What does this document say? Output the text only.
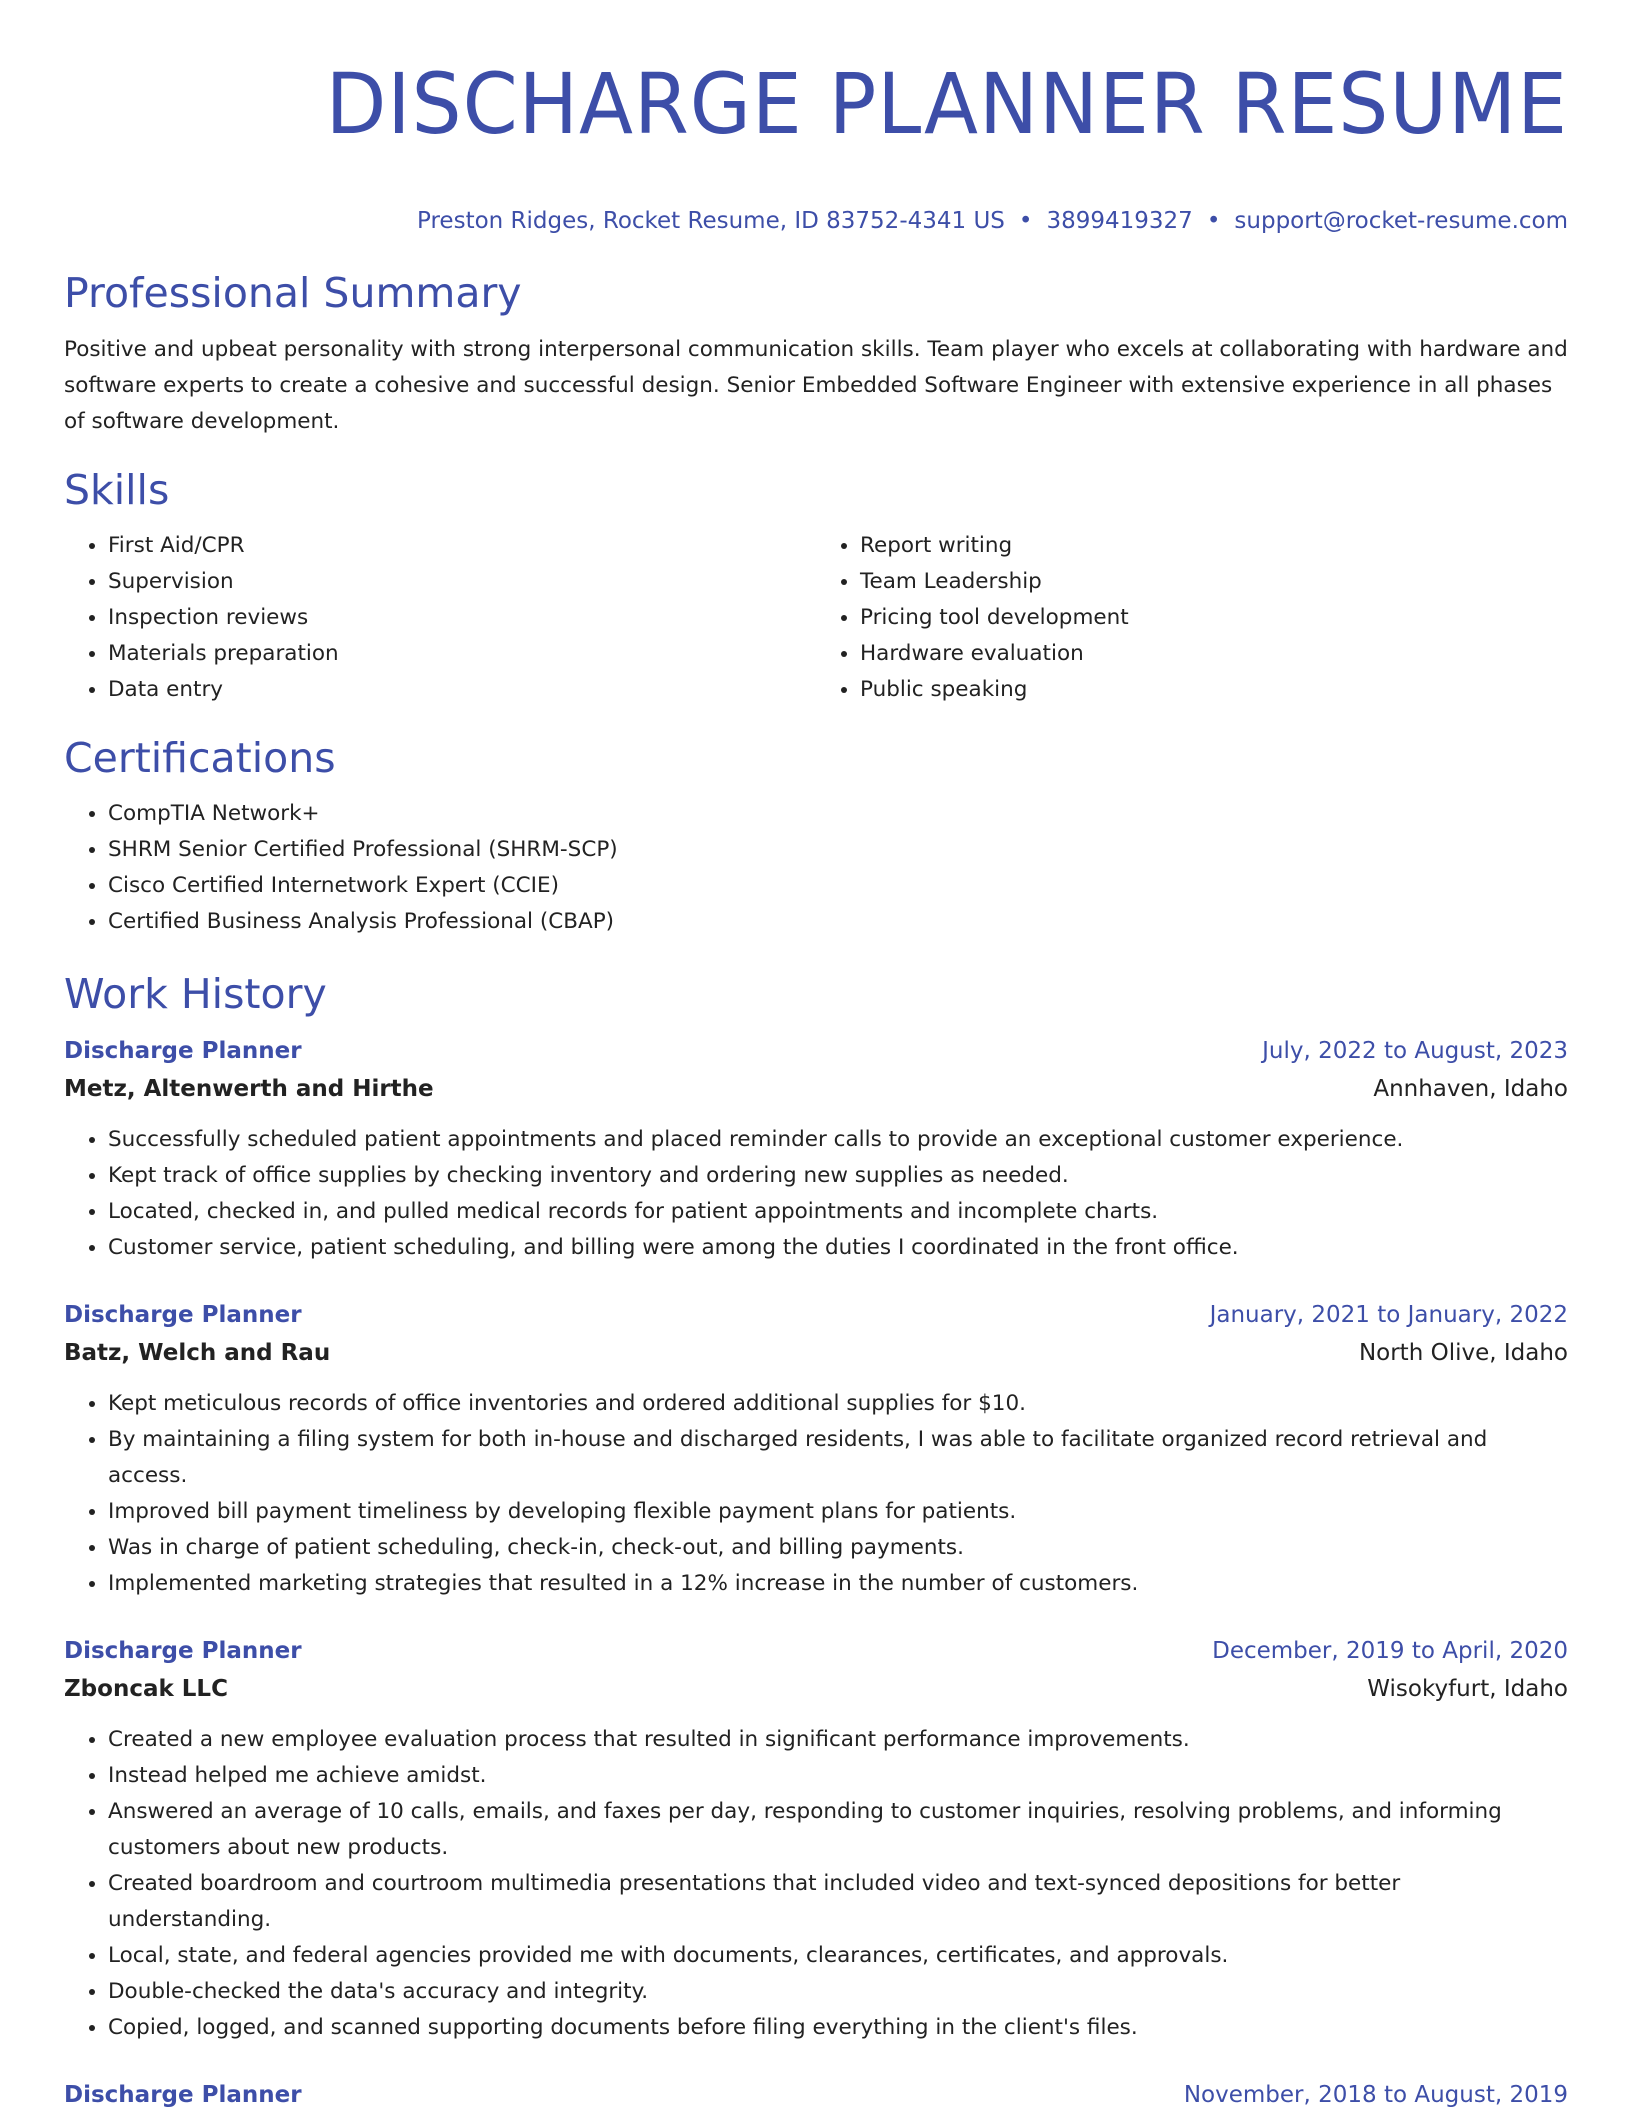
DISCHARGE PLANNER RESUME
Preston Ridges, Rocket Resume, ID 83752-4341 US • 3899419327 • support@rocket-resume.com
Professional Summary

Positive and upbeat personality with strong interpersonal communication skills. Team player who excels at collaborating with hardware and software experts to create a cohesive and successful design. Senior Embedded Software Engineer with extensive experience in all phases of software development.

Skills
• First Aid/CPR
• Supervision
• Inspection reviews
• Materials preparation
• Data entry
• Report writing
• Team Leadership
• Pricing tool development
• Hardware evaluation
• Public speaking
Certifications
• CompTIA Network+
• SHRM Senior Certified Professional (SHRM-SCP)
• Cisco Certified Internetwork Expert (CCIE)
• Certified Business Analysis Professional (CBAP)
Work History
Discharge Planner	July, 2022 to August, 2023
Metz, Altenwerth and Hirthe	Annhaven, Idaho
• Successfully scheduled patient appointments and placed reminder calls to provide an exceptional customer experience.
• Kept track of office supplies by checking inventory and ordering new supplies as needed.
• Located, checked in, and pulled medical records for patient appointments and incomplete charts.
• Customer service, patient scheduling, and billing were among the duties I coordinated in the front office.
Discharge Planner	January, 2021 to January, 2022
Batz, Welch and Rau	North Olive, Idaho
• Kept meticulous records of office inventories and ordered additional supplies for $10.
• By maintaining a filing system for both in-house and discharged residents, I was able to facilitate organized record retrieval and access.
• Improved bill payment timeliness by developing flexible payment plans for patients.
• Was in charge of patient scheduling, check-in, check-out, and billing payments.
• Implemented marketing strategies that resulted in a 12% increase in the number of customers.
Discharge Planner	December, 2019 to April, 2020
Zboncak LLC	Wisokyfurt, Idaho
• Created a new employee evaluation process that resulted in significant performance improvements.
• Instead helped me achieve amidst.
• Answered an average of 10 calls, emails, and faxes per day, responding to customer inquiries, resolving problems, and informing customers about new products.
• Created boardroom and courtroom multimedia presentations that included video and text-synced depositions for better understanding.
• Local, state, and federal agencies provided me with documents, clearances, certificates, and approvals.
• Double-checked the data's accuracy and integrity.
• Copied, logged, and scanned supporting documents before filing everything in the client's files.
Discharge Planner	November, 2018 to August, 2019
